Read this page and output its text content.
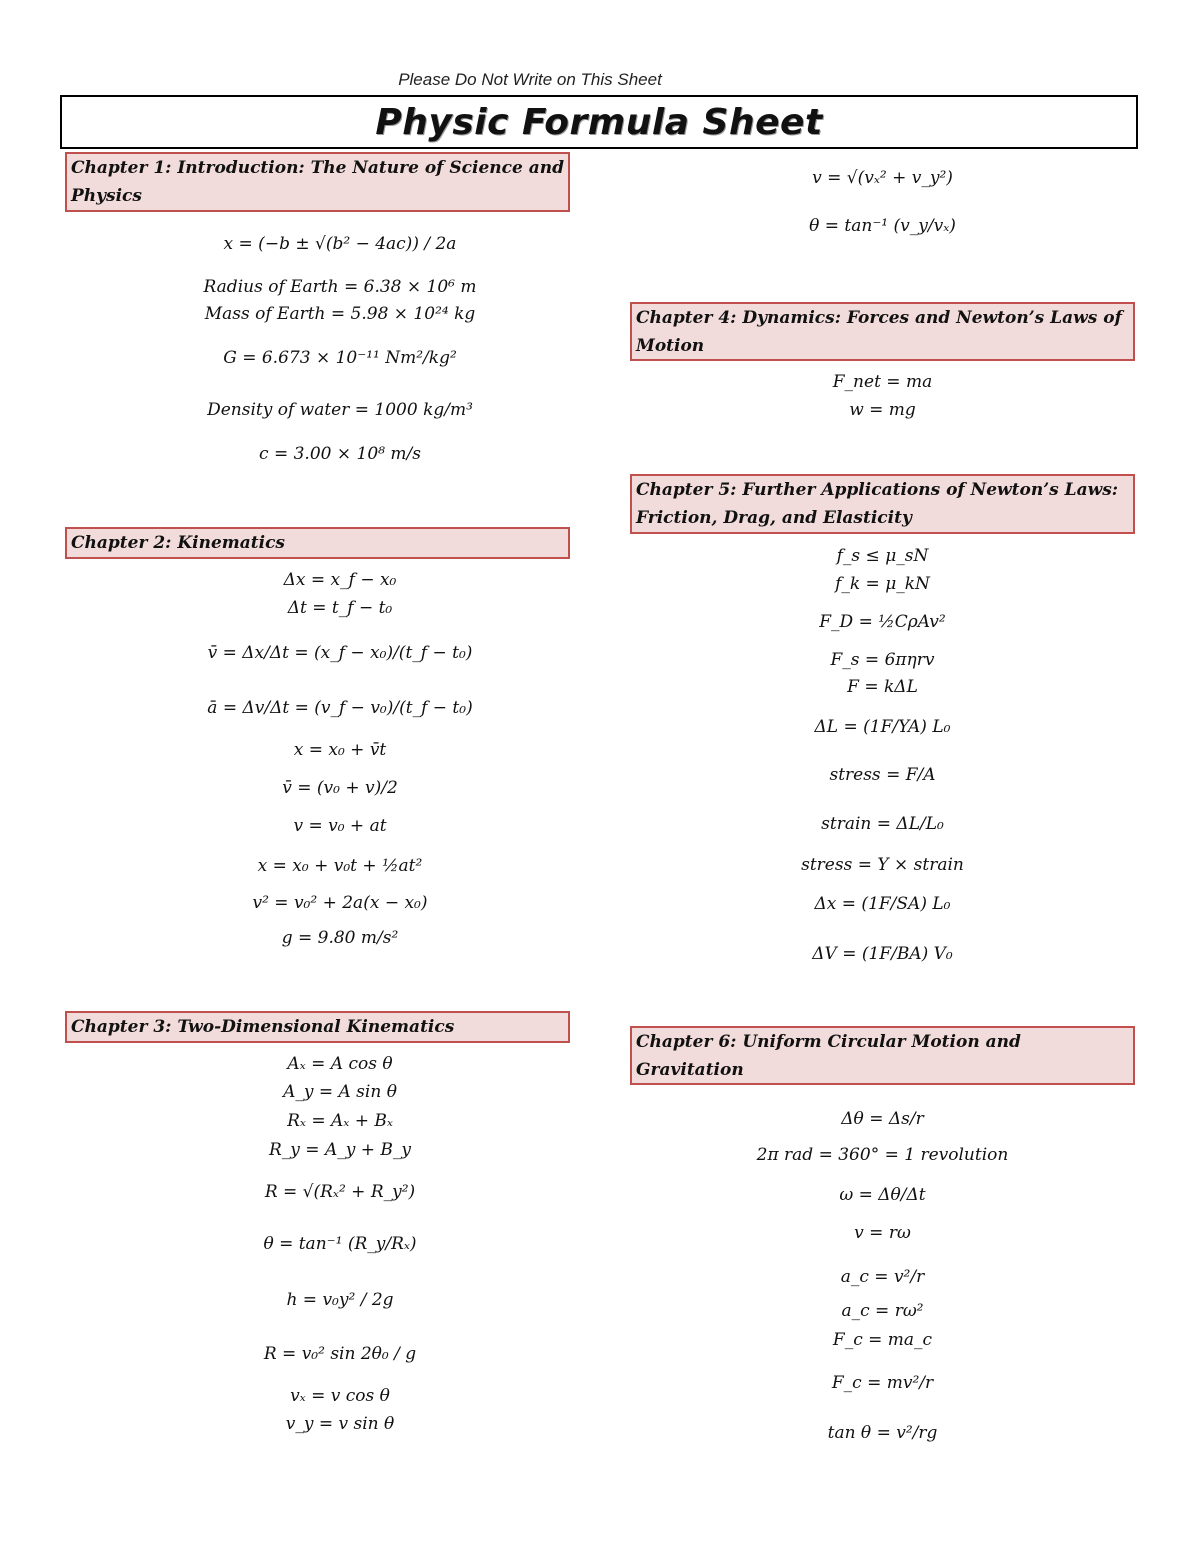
Please Do Not Write on This Sheet
Physic Formula Sheet
Chapter 1: Introduction: The Nature of Science and Physics
Chapter 2: Kinematics
Chapter 3: Two-Dimensional Kinematics
Chapter 4: Dynamics: Forces and Newton’s Laws of Motion
Chapter 5: Further Applications of Newton’s Laws: Friction, Drag, and Elasticity
Chapter 6: Uniform Circular Motion and Gravitation
x = (−b ± √(b² − 4ac)) / 2a
Radius of Earth = 6.38 × 10⁶ m
Mass of Earth = 5.98 × 10²⁴ kg
G = 6.673 × 10⁻¹¹ Nm²/kg²
Density of water = 1000 kg/m³
c = 3.00 × 10⁸ m/s
Δx = x_f − x₀
Δt = t_f − t₀
v̄ = Δx/Δt = (x_f − x₀)/(t_f − t₀)
ā = Δv/Δt = (v_f − v₀)/(t_f − t₀)
x = x₀ + v̄t
v̄ = (v₀ + v)/2
v = v₀ + at
x = x₀ + v₀t + ½at²
v² = v₀² + 2a(x − x₀)
g = 9.80 m/s²
Aₓ = A cos θ
A_y = A sin θ
Rₓ = Aₓ + Bₓ
R_y = A_y + B_y
R = √(Rₓ² + R_y²)
θ = tan⁻¹ (R_y/Rₓ)
h = v₀y² / 2g
R = v₀² sin 2θ₀ / g
vₓ = v cos θ
v_y = v sin θ
v = √(vₓ² + v_y²)
θ = tan⁻¹ (v_y/vₓ)
F_net = ma
w = mg
f_s ≤ μ_sN
f_k = μ_kN
F_D = ½CρAv²
F_s = 6πηrv
F = kΔL
ΔL = (1F/YA) L₀
stress = F/A
strain = ΔL/L₀
stress = Y × strain
Δx = (1F/SA) L₀
ΔV = (1F/BA) V₀
Δθ = Δs/r
2π rad = 360° = 1 revolution
ω = Δθ/Δt
v = rω
a_c = v²/r
a_c = rω²
F_c = ma_c
F_c = mv²/r
tan θ = v²/rg
